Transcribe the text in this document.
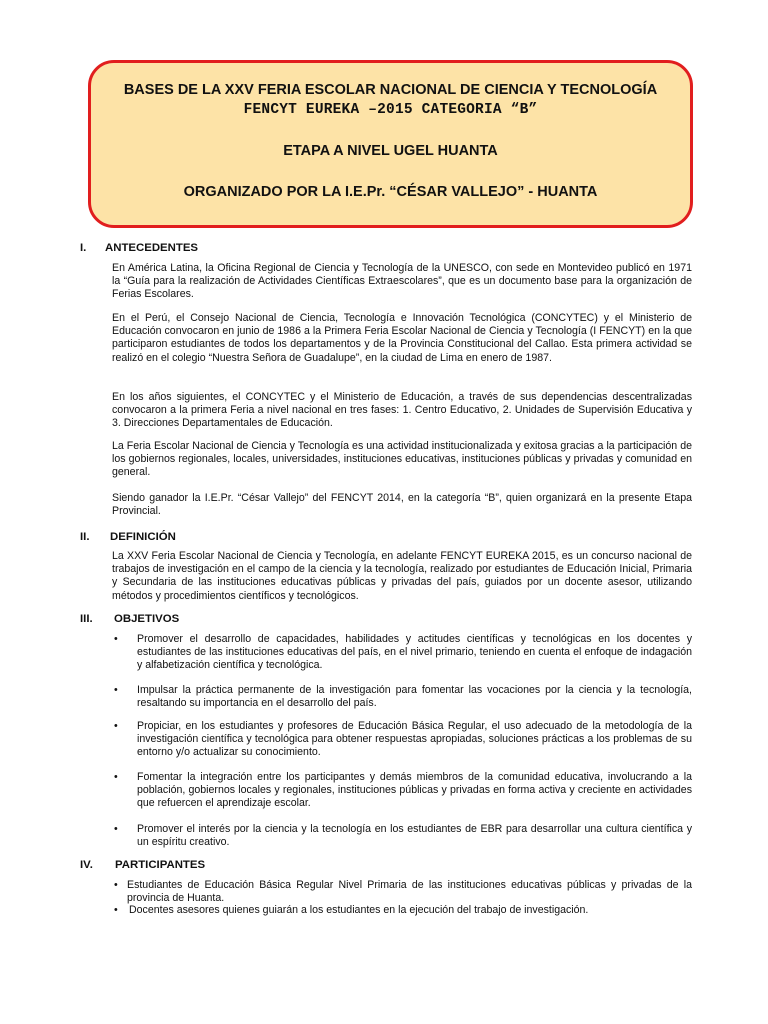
BASES DE LA XXV FERIA ESCOLAR NACIONAL DE CIENCIA Y TECNOLOGÍA
FENCYT EUREKA –2015 CATEGORIA “B”
ETAPA A NIVEL UGEL HUANTA
ORGANIZADO POR LA I.E.Pr. “CÉSAR VALLEJO” - HUANTA
I. ANTECEDENTES

En América Latina, la Oficina Regional de Ciencia y Tecnología de la UNESCO, con sede en Montevideo publicó en 1971 la “Guía para la realización de Actividades Científicas Extraescolares”, que es un documento base para la organización de Ferias Escolares.

En el Perú, el Consejo Nacional de Ciencia, Tecnología e Innovación Tecnológica (CONCYTEC) y el Ministerio de Educación convocaron en junio de 1986 a la Primera Feria Escolar Nacional de Ciencia y Tecnología (I FENCYT) en la que participaron estudiantes de todos los departamentos y de la Provincia Constitucional del Callao. Esta primera actividad se realizó en el colegio “Nuestra Señora de Guadalupe”, en la ciudad de Lima en enero de 1987.

En los años siguientes, el CONCYTEC y el Ministerio de Educación, a través de sus dependencias descentralizadas convocaron a la primera Feria a nivel nacional en tres fases: 1. Centro Educativo, 2. Unidades de Supervisión Educativa y 3. Direcciones Departamentales de Educación.

La Feria Escolar Nacional de Ciencia y Tecnología es una actividad institucionalizada y exitosa gracias a la participación de los gobiernos regionales, locales, universidades, instituciones educativas, instituciones públicas y privadas y comunidad en general.

Siendo ganador la I.E.Pr. “César Vallejo” del FENCYT 2014, en la categoría “B”, quien organizará en la presente Etapa Provincial.

II. DEFINICIÓN

La XXV Feria Escolar Nacional de Ciencia y Tecnología, en adelante FENCYT EUREKA 2015, es un concurso nacional de trabajos de investigación en el campo de la ciencia y la tecnología, realizado por estudiantes de Educación Inicial, Primaria y Secundaria de las instituciones educativas públicas y privadas del país, guiados por un docente asesor, utilizando métodos y procedimientos científicos y tecnológicos.

III. OBJETIVOS
•	Promover el desarrollo de capacidades, habilidades y actitudes científicas y tecnológicas en los docentes y estudiantes de las instituciones educativas del país, en el nivel primario, teniendo en cuenta el enfoque de indagación y alfabetización científica y tecnológica.
•	Impulsar la práctica permanente de la investigación para fomentar las vocaciones por la ciencia y la tecnología, resaltando su importancia en el desarrollo del país.
•	Propiciar, en los estudiantes y profesores de Educación Básica Regular, el uso adecuado de la metodología de la investigación científica y tecnológica para obtener respuestas apropiadas, soluciones prácticas a los problemas de su entorno y/o actualizar su conocimiento.
•	Fomentar la integración entre los participantes y demás miembros de la comunidad educativa, involucrando a la población, gobiernos locales y regionales, instituciones públicas y privadas en forma activa y creciente en actividades que refuercen el aprendizaje escolar.
•	Promover el interés por la ciencia y la tecnología en los estudiantes de EBR para desarrollar una cultura científica y un espíritu creativo.
IV. PARTICIPANTES
• Estudiantes de Educación Básica Regular Nivel Primaria de las instituciones educativas públicas y privadas de la provincia de Huanta.
•	Docentes asesores quienes guiarán a los estudiantes en la ejecución del trabajo de investigación.
